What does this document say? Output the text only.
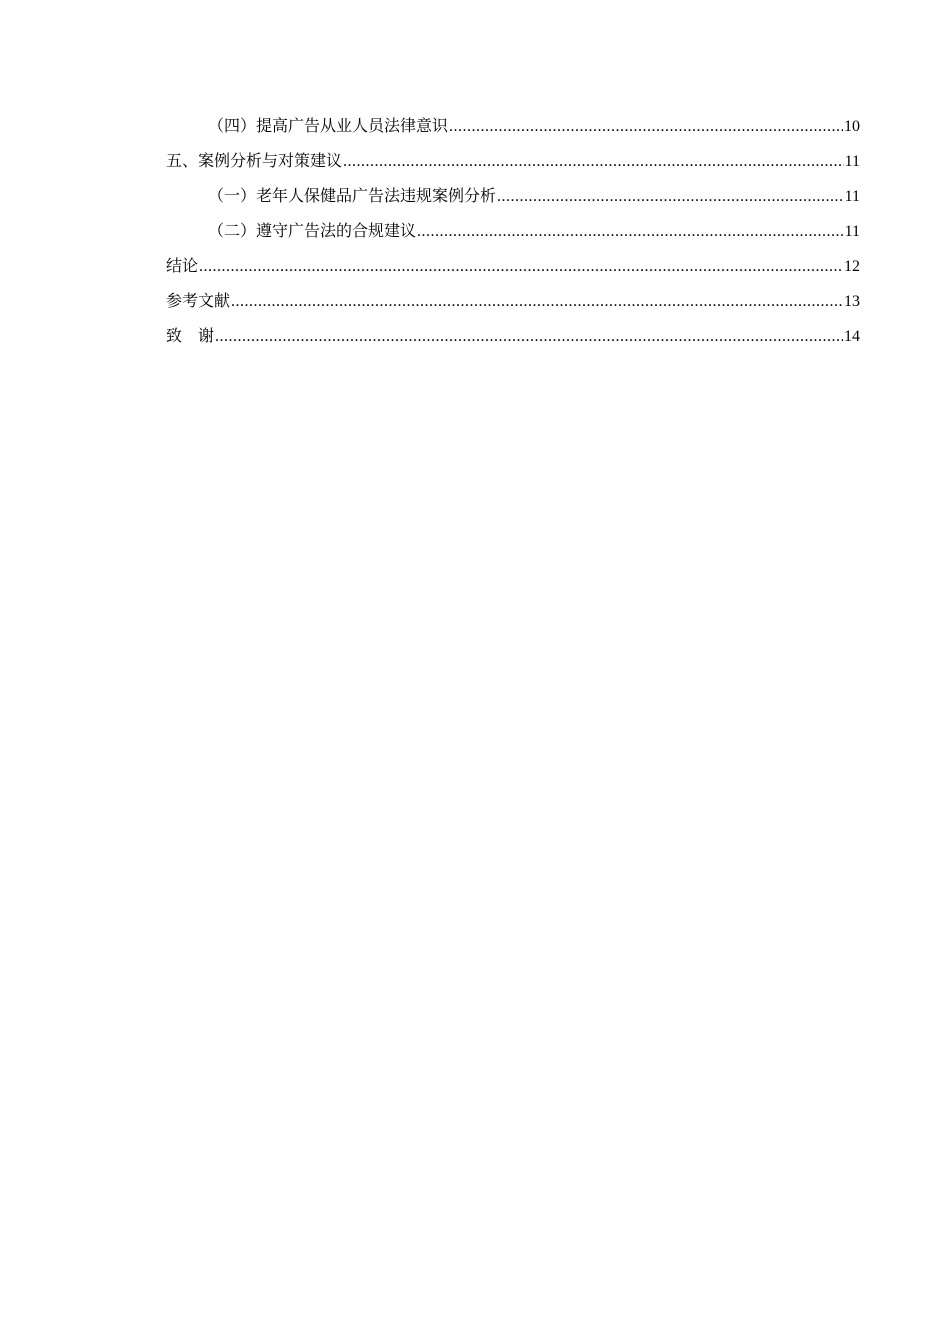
（四）提高广告从业人员法律意识 .....	10
五、案例分析与对策建议 .....	11
（一）老年人保健品广告法违规案例分析 .....	11
（二）遵守广告法的合规建议 .....	11
结论 .....	12
参考文献 .....	13
致　谢 .....	14
